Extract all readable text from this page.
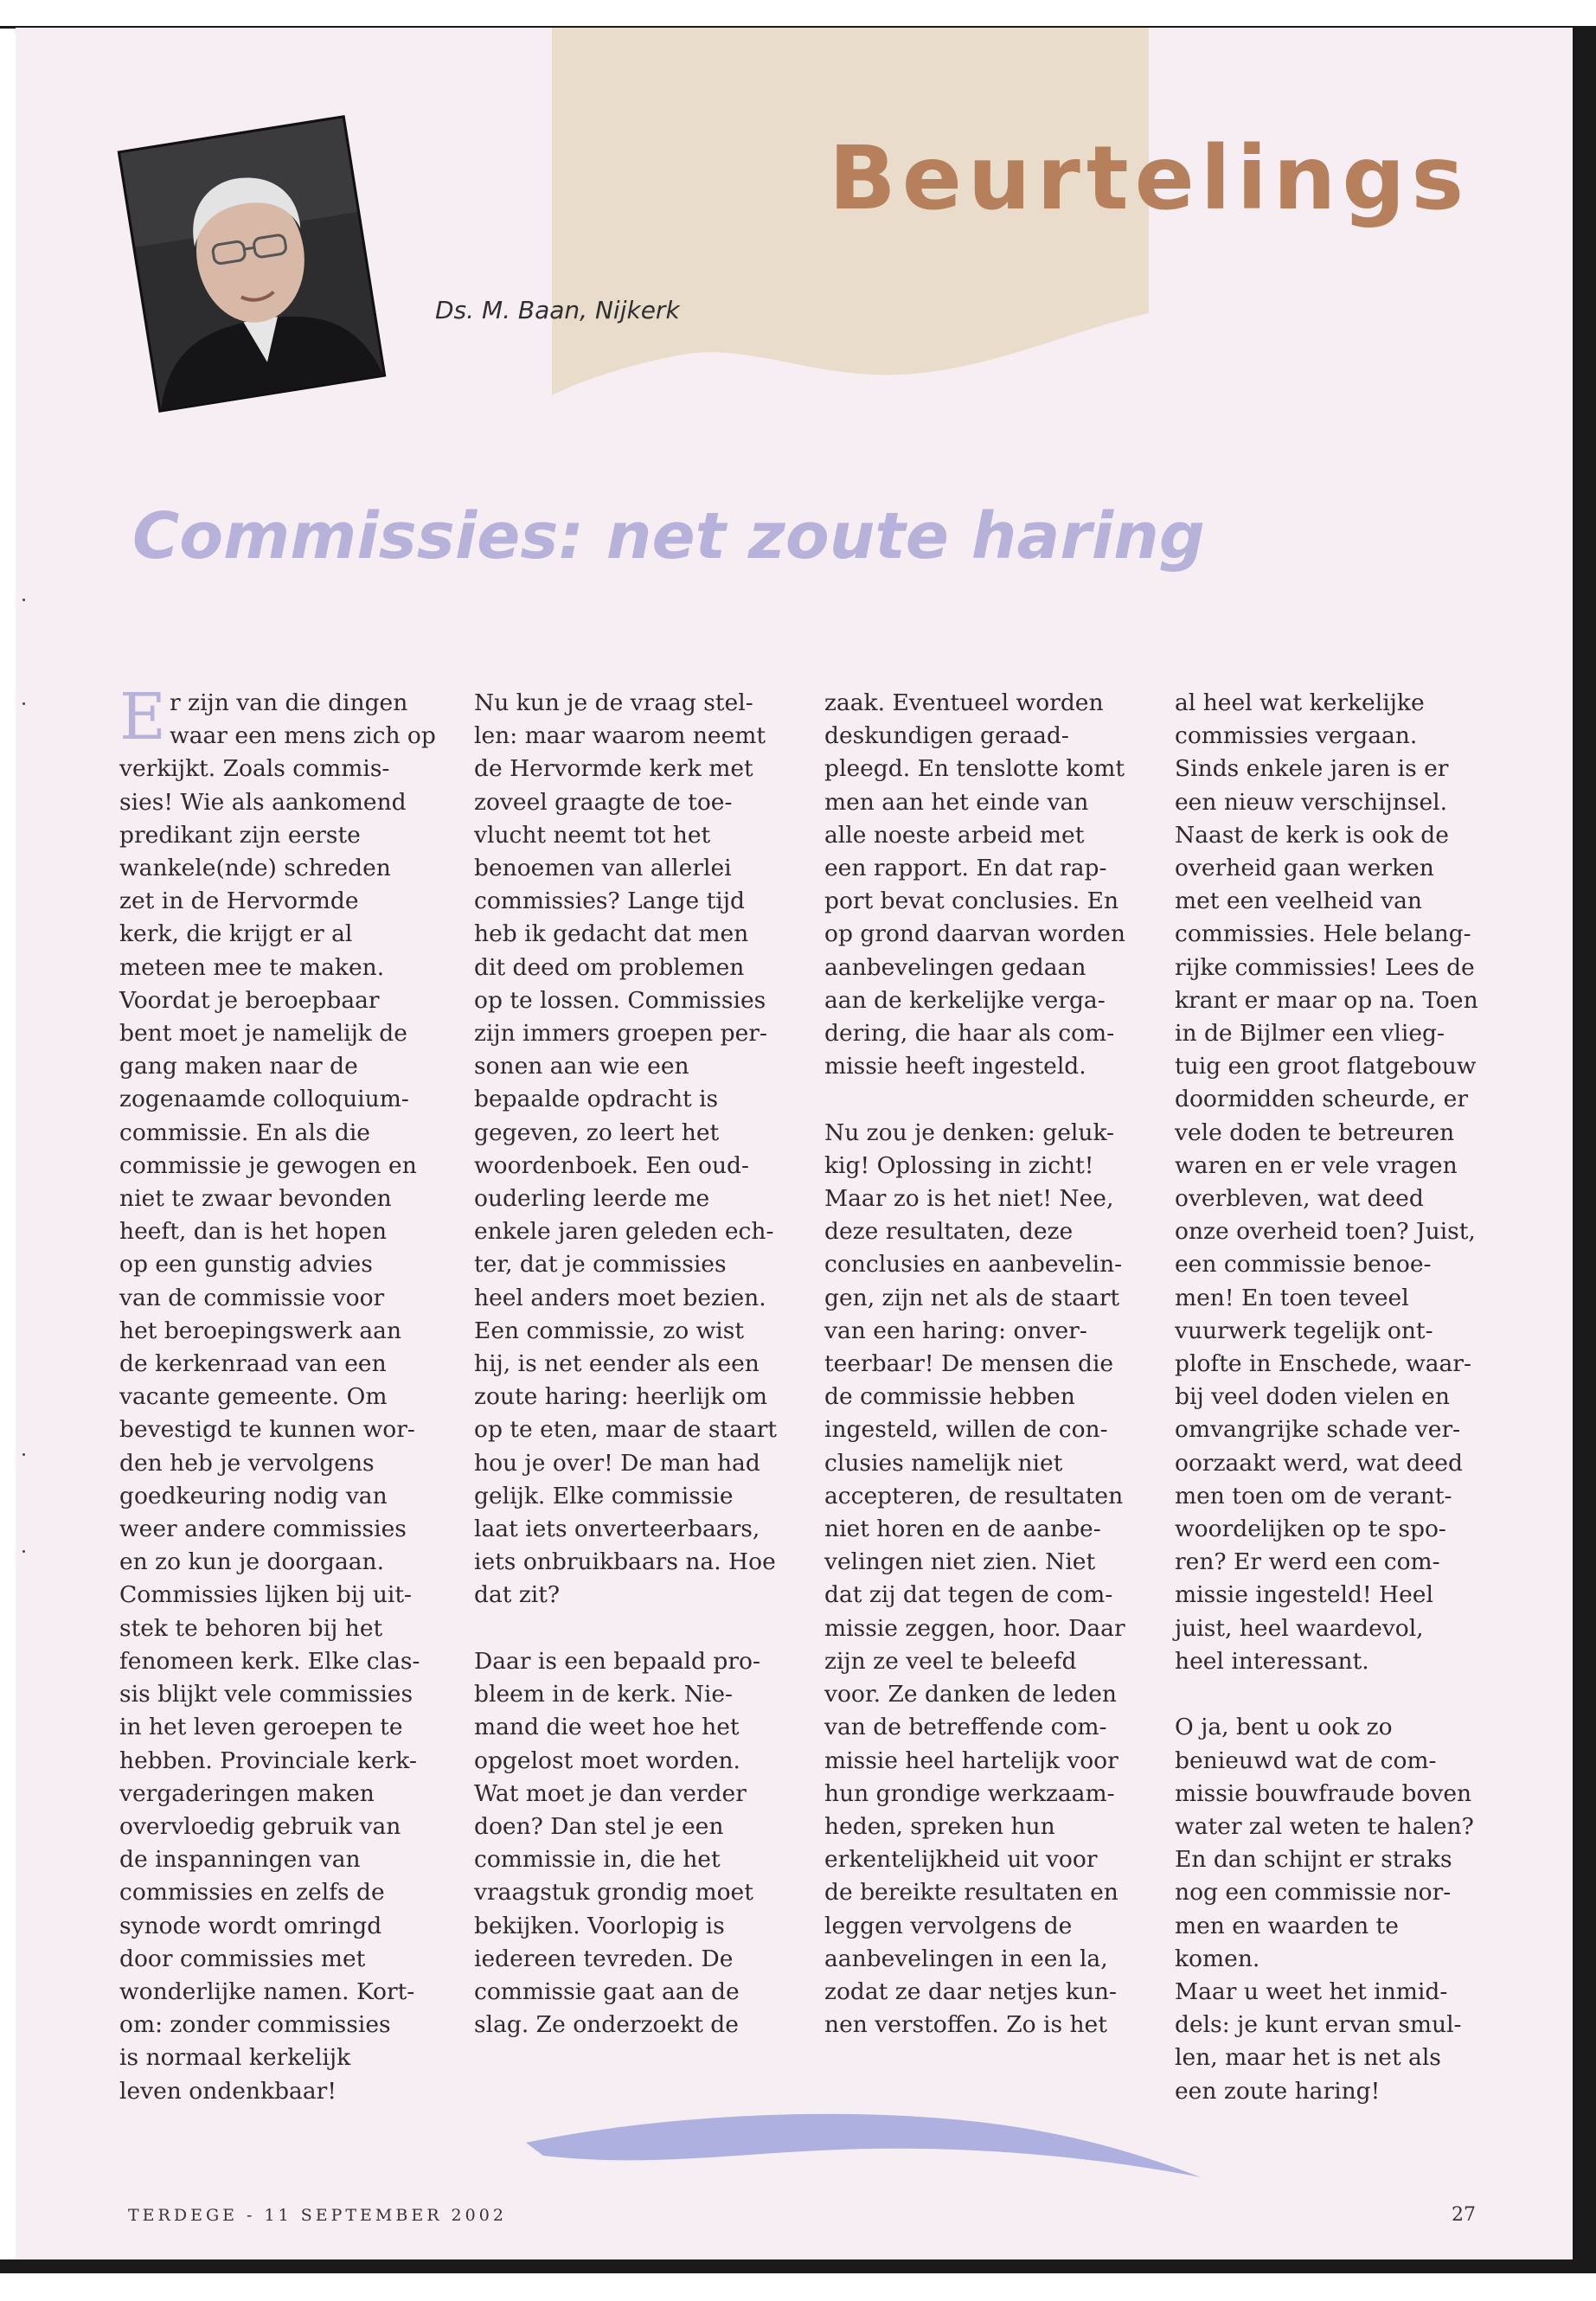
Ds. M. Baan, Nijkerk
Beurtelings
Commissies: net zoute haring
Er zijn van die dingen
waar een mens zich op
verkijkt. Zoals commis-
sies! Wie als aankomend
predikant zijn eerste
wankele(nde) schreden
zet in de Hervormde
kerk, die krijgt er al
meteen mee te maken.
Voordat je beroepbaar
bent moet je namelijk de
gang maken naar de
zogenaamde colloquium-
commissie. En als die
commissie je gewogen en
niet te zwaar bevonden
heeft, dan is het hopen
op een gunstig advies
van de commissie voor
het beroepingswerk aan
de kerkenraad van een
vacante gemeente. Om
bevestigd te kunnen wor-
den heb je vervolgens
goedkeuring nodig van
weer andere commissies
en zo kun je doorgaan.
Commissies lijken bij uit-
stek te behoren bij het
fenomeen kerk. Elke clas-
sis blijkt vele commissies
in het leven geroepen te
hebben. Provinciale kerk-
vergaderingen maken
overvloedig gebruik van
de inspanningen van
commissies en zelfs de
synode wordt omringd
door commissies met
wonderlijke namen. Kort-
om: zonder commissies
is normaal kerkelijk
leven ondenkbaar!
Nu kun je de vraag stel-
len: maar waarom neemt
de Hervormde kerk met
zoveel graagte de toe-
vlucht neemt tot het
benoemen van allerlei
commissies? Lange tijd
heb ik gedacht dat men
dit deed om problemen
op te lossen. Commissies
zijn immers groepen per-
sonen aan wie een
bepaalde opdracht is
gegeven, zo leert het
woordenboek. Een oud-
ouderling leerde me
enkele jaren geleden ech-
ter, dat je commissies
heel anders moet bezien.
Een commissie, zo wist
hij, is net eender als een
zoute haring: heerlijk om
op te eten, maar de staart
hou je over! De man had
gelijk. Elke commissie
laat iets onverteerbaars,
iets onbruikbaars na. Hoe
dat zit?

Daar is een bepaald pro-
bleem in de kerk. Nie-
mand die weet hoe het
opgelost moet worden.
Wat moet je dan verder
doen? Dan stel je een
commissie in, die het
vraagstuk grondig moet
bekijken. Voorlopig is
iedereen tevreden. De
commissie gaat aan de
slag. Ze onderzoekt de
zaak. Eventueel worden
deskundigen geraad-
pleegd. En tenslotte komt
men aan het einde van
alle noeste arbeid met
een rapport. En dat rap-
port bevat conclusies. En
op grond daarvan worden
aanbevelingen gedaan
aan de kerkelijke verga-
dering, die haar als com-
missie heeft ingesteld.

Nu zou je denken: geluk-
kig! Oplossing in zicht!
Maar zo is het niet! Nee,
deze resultaten, deze
conclusies en aanbevelin-
gen, zijn net als de staart
van een haring: onver-
teerbaar! De mensen die
de commissie hebben
ingesteld, willen de con-
clusies namelijk niet
accepteren, de resultaten
niet horen en de aanbe-
velingen niet zien. Niet
dat zij dat tegen de com-
missie zeggen, hoor. Daar
zijn ze veel te beleefd
voor. Ze danken de leden
van de betreffende com-
missie heel hartelijk voor
hun grondige werkzaam-
heden, spreken hun
erkentelijkheid uit voor
de bereikte resultaten en
leggen vervolgens de
aanbevelingen in een la,
zodat ze daar netjes kun-
nen verstoffen. Zo is het
al heel wat kerkelijke
commissies vergaan.
Sinds enkele jaren is er
een nieuw verschijnsel.
Naast de kerk is ook de
overheid gaan werken
met een veelheid van
commissies. Hele belang-
rijke commissies! Lees de
krant er maar op na. Toen
in de Bijlmer een vlieg-
tuig een groot flatgebouw
doormidden scheurde, er
vele doden te betreuren
waren en er vele vragen
overbleven, wat deed
onze overheid toen? Juist,
een commissie benoe-
men! En toen teveel
vuurwerk tegelijk ont-
plofte in Enschede, waar-
bij veel doden vielen en
omvangrijke schade ver-
oorzaakt werd, wat deed
men toen om de verant-
woordelijken op te spo-
ren? Er werd een com-
missie ingesteld! Heel
juist, heel waardevol,
heel interessant.

O ja, bent u ook zo
benieuwd wat de com-
missie bouwfraude boven
water zal weten te halen?
En dan schijnt er straks
nog een commissie nor-
men en waarden te
komen.
Maar u weet het inmid-
dels: je kunt ervan smul-
len, maar het is net als
een zoute haring!
TERDEGE - 11 SEPTEMBER 2002	27
